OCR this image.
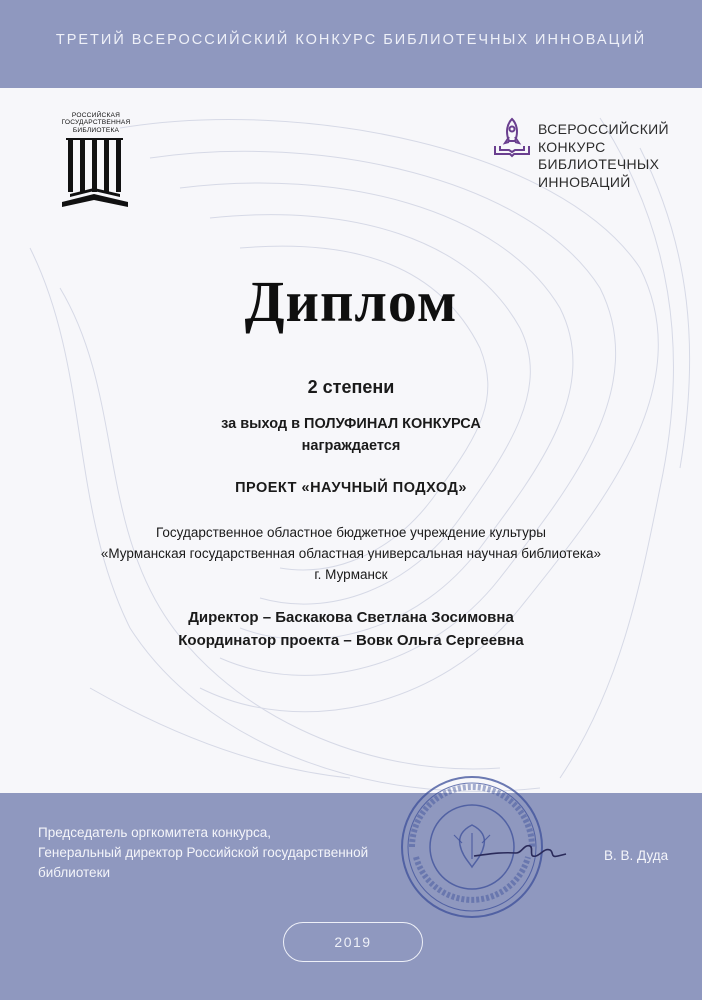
ТРЕТИЙ ВСЕРОССИЙСКИЙ КОНКУРС БИБЛИОТЕЧНЫХ ИННОВАЦИЙ
РОССИЙСКАЯ
ГОСУДАРСТВЕННАЯ
БИБЛИОТЕКА	ВСЕРОССИЙСКИЙ
КОНКУРС
БИБЛИОТЕЧНЫХ
ИННОВАЦИЙ
Диплом
2 степени
за выход в ПОЛУФИНАЛ КОНКУРСА
награждается
ПРОЕКТ «НАУЧНЫЙ ПОДХОД»
Государственное областное бюджетное учреждение культуры
«Мурманская государственная областная универсальная научная библиотека»
г. Мурманск
Директор – Баскакова Светлана Зосимовна
Координатор проекта – Вовк Ольга Сергеевна
Председатель оргкомитета конкурса,
Генеральный директор Российской государственной
библиотеки
В. В. Дуда
2019
